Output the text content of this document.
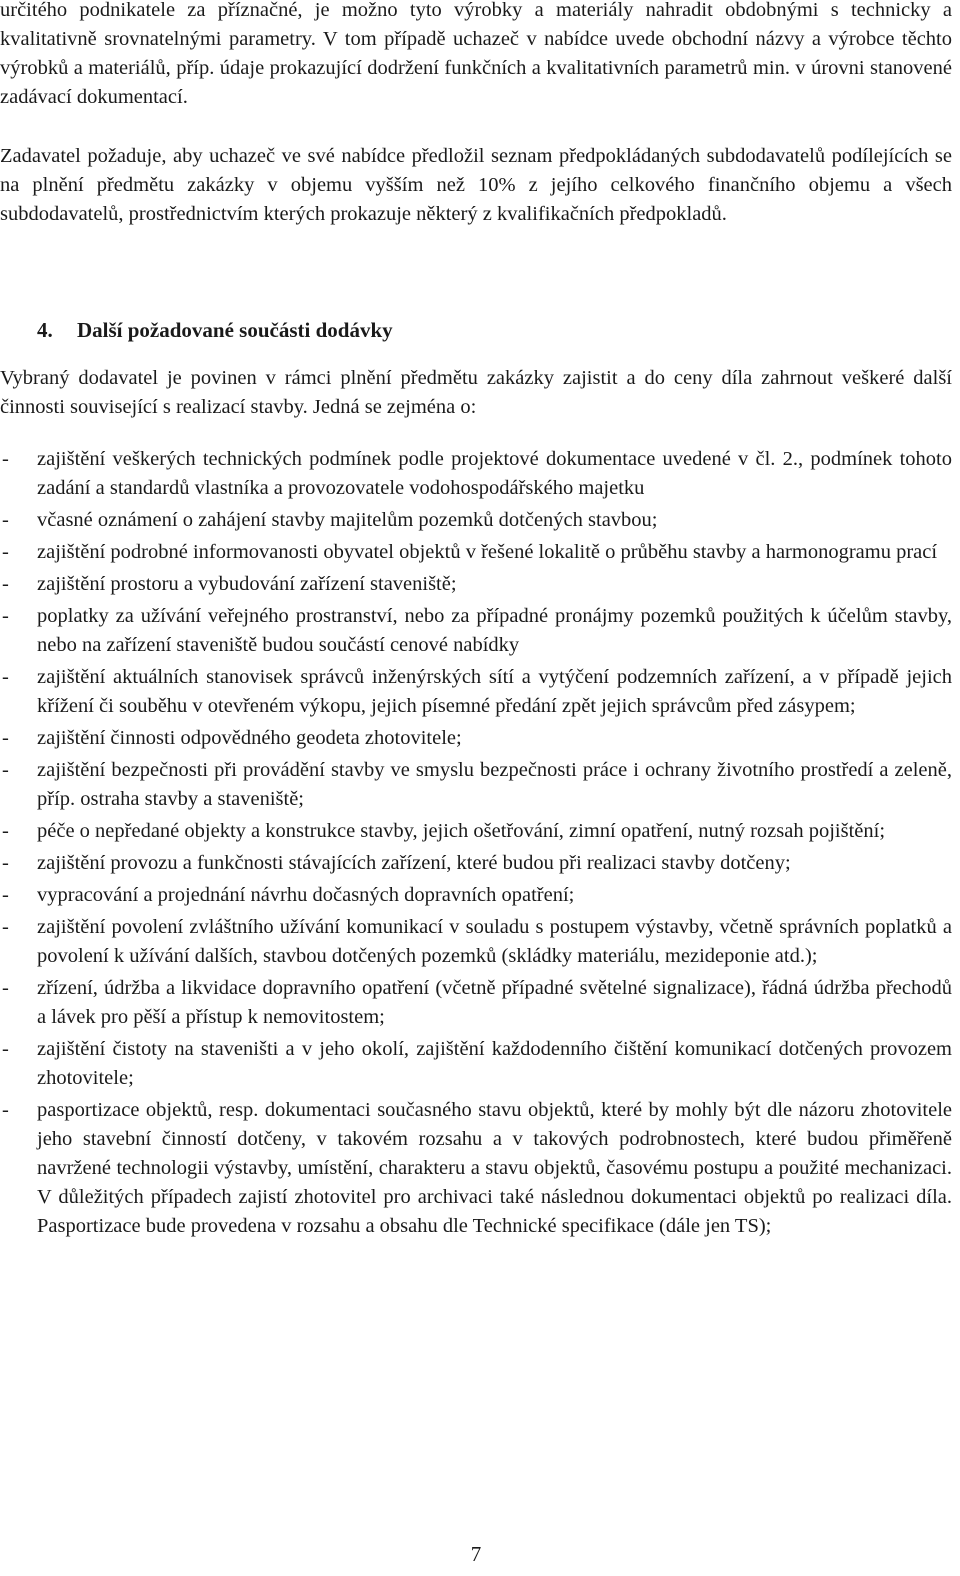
určitého podnikatele za příznačné, je možno tyto výrobky a materiály nahradit obdobnými s technicky a kvalitativně srovnatelnými parametry. V tom případě uchazeč v nabídce uvede obchodní názvy a výrobce těchto výrobků a materiálů, příp. údaje prokazující dodržení funkčních a kvalitativních parametrů min. v úrovni stanovené zadávací dokumentací.

Zadavatel požaduje, aby uchazeč ve své nabídce předložil seznam předpokládaných subdodavatelů podílejících se na plnění předmětu zakázky v objemu vyšším než 10% z jejího celkového finančního objemu a všech subdodavatelů, prostřednictvím kterých prokazuje některý z kvalifikačních předpokladů.

4. Další požadované součásti dodávky

Vybraný dodavatel je povinen v rámci plnění předmětu zakázky zajistit a do ceny díla zahrnout veškeré další činnosti související s realizací stavby. Jedná se zejména o:

- zajištění veškerých technických podmínek podle projektové dokumentace uvedené v čl. 2., podmínek tohoto zadání a standardů vlastníka a provozovatele vodohospodářského majetku
- včasné oznámení o zahájení stavby majitelům pozemků dotčených stavbou;
- zajištění podrobné informovanosti obyvatel objektů v řešené lokalitě o průběhu stavby a harmonogramu prací
- zajištění prostoru a vybudování zařízení staveniště;
- poplatky za užívání veřejného prostranství, nebo za případné pronájmy pozemků použitých k účelům stavby, nebo na zařízení staveniště budou součástí cenové nabídky
- zajištění aktuálních stanovisek správců inženýrských sítí a vytýčení podzemních zařízení, a v případě jejich křížení či souběhu v otevřeném výkopu, jejich písemné předání zpět jejich správcům před zásypem;
- zajištění činnosti odpovědného geodeta zhotovitele;
- zajištění bezpečnosti při provádění stavby ve smyslu bezpečnosti práce i ochrany životního prostředí a zeleně, příp. ostraha stavby a staveniště;
- péče o nepředané objekty a konstrukce stavby, jejich ošetřování, zimní opatření, nutný rozsah pojištění;
- zajištění provozu a funkčnosti stávajících zařízení, které budou při realizaci stavby dotčeny;
- vypracování a projednání návrhu dočasných dopravních opatření;
- zajištění povolení zvláštního užívání komunikací v souladu s postupem výstavby, včetně správních poplatků a povolení k užívání dalších, stavbou dotčených pozemků (skládky materiálu, mezideponie atd.);
- zřízení, údržba a likvidace dopravního opatření (včetně případné světelné signalizace), řádná údržba přechodů a lávek pro pěší a přístup k nemovitostem;
- zajištění čistoty na staveništi a v jeho okolí, zajištění každodenního čištění komunikací dotčených provozem zhotovitele;
- pasportizace objektů, resp. dokumentaci současného stavu objektů, které by mohly být dle názoru zhotovitele jeho stavební činností dotčeny, v takovém rozsahu a v takových podrobnostech, které budou přiměřeně navržené technologii výstavby, umístění, charakteru a stavu objektů, časovému postupu a použité mechanizaci. V důležitých případech zajistí zhotovitel pro archivaci také následnou dokumentaci objektů po realizaci díla. Pasportizace bude provedena v rozsahu a obsahu dle Technické specifikace (dále jen TS);
7
